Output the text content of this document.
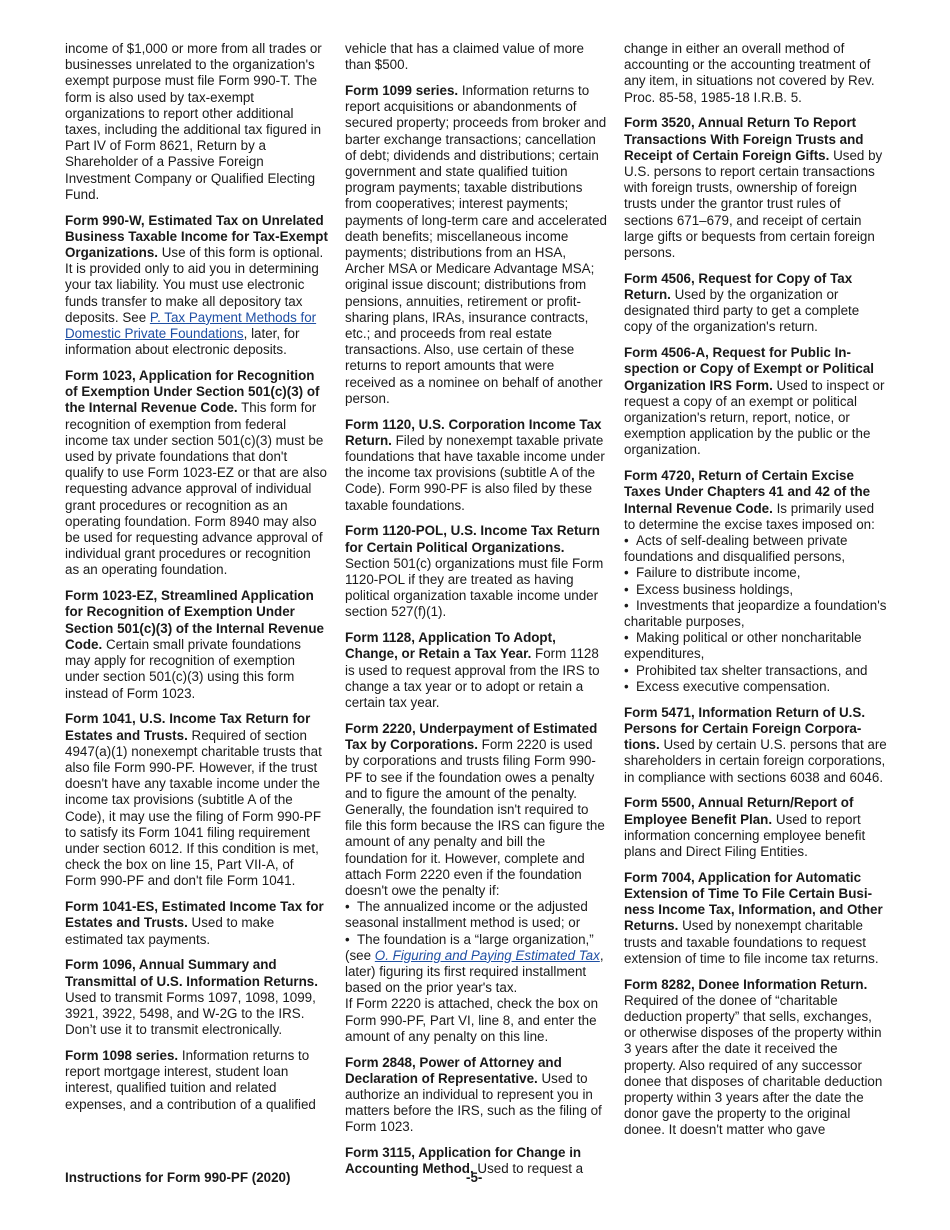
income of $1,000 or more from all trades or businesses unrelated to the organization's exempt purpose must file Form 990-T. The form is also used by tax-exempt organizations to report other additional taxes, including the additional tax figured in Part IV of Form 8621, Return by a Shareholder of a Passive Foreign Investment Company or Qualified Electing Fund.

Form 990-W, Estimated Tax on Unrelated Business Taxable Income for Tax-Exempt Organizations. Use of this form is optional. It is provided only to aid you in determining your tax liability. You must use electronic funds transfer to make all depository tax deposits. See P. Tax Payment Methods for Domestic Private Foundations, later, for information about electronic deposits.

Form 1023, Application for Recognition of Exemption Under Section 501(c)(3) of the Internal Revenue Code. This form for recognition of exemption from federal income tax under section 501(c)(3) must be used by private foundations that don't qualify to use Form 1023-EZ or that are also requesting advance approval of individual grant procedures or recognition as an operating foundation. Form 8940 may also be used for requesting advance approval of individual grant procedures or recognition as an operating foundation.

Form 1023-EZ, Streamlined Application for Recognition of Exemption Under Section 501(c)(3) of the Internal Revenue Code. Certain small private foundations may apply for recognition of exemption under section 501(c)(3) using this form instead of Form 1023.

Form 1041, U.S. Income Tax Return for Estates and Trusts. Required of section 4947(a)(1) nonexempt charitable trusts that also file Form 990-PF. However, if the trust doesn't have any taxable income under the income tax provisions (subtitle A of the Code), it may use the filing of Form 990-PF to satisfy its Form 1041 filing requirement under section 6012. If this condition is met, check the box on line 15, Part VII-A, of Form 990-PF and don't file Form 1041.

Form 1041-ES, Estimated Income Tax for Estates and Trusts. Used to make estimated tax payments.

Form 1096, Annual Summary and Transmittal of U.S. Information Returns. Used to transmit Forms 1097, 1098, 1099, 3921, 3922, 5498, and W-2G to the IRS. Don’t use it to transmit electronically.

Form 1098 series. Information returns to report mortgage interest, student loan interest, qualified tuition and related expenses, and a contribution of a qualified

vehicle that has a claimed value of more than $500.

Form 1099 series. Information returns to report acquisitions or abandonments of secured property; proceeds from broker and barter exchange transactions; cancellation of debt; dividends and distributions; certain government and state qualified tuition program payments; taxable distributions from cooperatives; interest payments; payments of long-term care and accelerated death benefits; miscellaneous income payments; distributions from an HSA, Archer MSA or Medicare Advantage MSA; original issue discount; distributions from pensions, annuities, retirement or profit-sharing plans, IRAs, insurance contracts, etc.; and proceeds from real estate transactions. Also, use certain of these returns to report amounts that were received as a nominee on behalf of another person.

Form 1120, U.S. Corporation Income Tax Return. Filed by nonexempt taxable private foundations that have taxable income under the income tax provisions (subtitle A of the Code). Form 990-PF is also filed by these taxable foundations.

Form 1120-POL, U.S. Income Tax Return for Certain Political Organizations. Section 501(c) organizations must file Form 1120-POL if they are treated as having political organization taxable income under section 527(f)(1).

Form 1128, Application To Adopt, Change, or Retain a Tax Year. Form 1128 is used to request approval from the IRS to change a tax year or to adopt or retain a certain tax year.

Form 2220, Underpayment of Estimated Tax by Corporations. Form 2220 is used by corporations and trusts filing Form 990-PF to see if the foundation owes a penalty and to figure the amount of the penalty. Generally, the foundation isn't required to file this form because the IRS can figure the amount of any penalty and bill the foundation for it. However, complete and attach Form 2220 even if the foundation doesn't owe the penalty if:

• The annualized income or the adjusted seasonal installment method is used; or

• The foundation is a “large organization,” (see O. Figuring and Paying Estimated Tax, later) figuring its first required installment based on the prior year's tax.

If Form 2220 is attached, check the box on Form 990-PF, Part VI, line 8, and enter the amount of any penalty on this line.

Form 2848, Power of Attorney and Declaration of Representative. Used to authorize an individual to represent you in matters before the IRS, such as the filing of Form 1023.

Form 3115, Application for Change in Accounting Method. Used to request a

change in either an overall method of accounting or the accounting treatment of any item, in situations not covered by Rev. Proc. 85-58, 1985-18 I.R.B. 5.

Form 3520, Annual Return To Report Transactions With Foreign Trusts and Receipt of Certain Foreign Gifts. Used by U.S. persons to report certain transactions with foreign trusts, ownership of foreign trusts under the grantor trust rules of sections 671–679, and receipt of certain large gifts or bequests from certain foreign persons.

Form 4506, Request for Copy of Tax Return. Used by the organization or designated third party to get a complete copy of the organization's return.

Form 4506-A, Request for Public Inspection or Copy of Exempt or Political Organization IRS Form. Used to inspect or request a copy of an exempt or political organization's return, report, notice, or exemption application by the public or the organization.

Form 4720, Return of Certain Excise Taxes Under Chapters 41 and 42 of the Internal Revenue Code. Is primarily used to determine the excise taxes imposed on:

• Acts of self-dealing between private foundations and disqualified persons,

• Failure to distribute income,

• Excess business holdings,

• Investments that jeopardize a foundation's charitable purposes,

• Making political or other noncharitable expenditures,

• Prohibited tax shelter transactions, and

• Excess executive compensation.

Form 5471, Information Return of U.S. Persons for Certain Foreign Corporations. Used by certain U.S. persons that are shareholders in certain foreign corporations, in compliance with sections 6038 and 6046.

Form 5500, Annual Return/Report of Employee Benefit Plan. Used to report information concerning employee benefit plans and Direct Filing Entities.

Form 7004, Application for Automatic Extension of Time To File Certain Business Income Tax, Information, and Other Returns. Used by nonexempt charitable trusts and taxable foundations to request extension of time to file income tax returns.

Form 8282, Donee Information Return. Required of the donee of “charitable deduction property” that sells, exchanges, or otherwise disposes of the property within 3 years after the date it received the property. Also required of any successor donee that disposes of charitable deduction property within 3 years after the date the donor gave the property to the original donee. It doesn't matter who gave

Instructions for Form 990-PF (2020)	-5-
